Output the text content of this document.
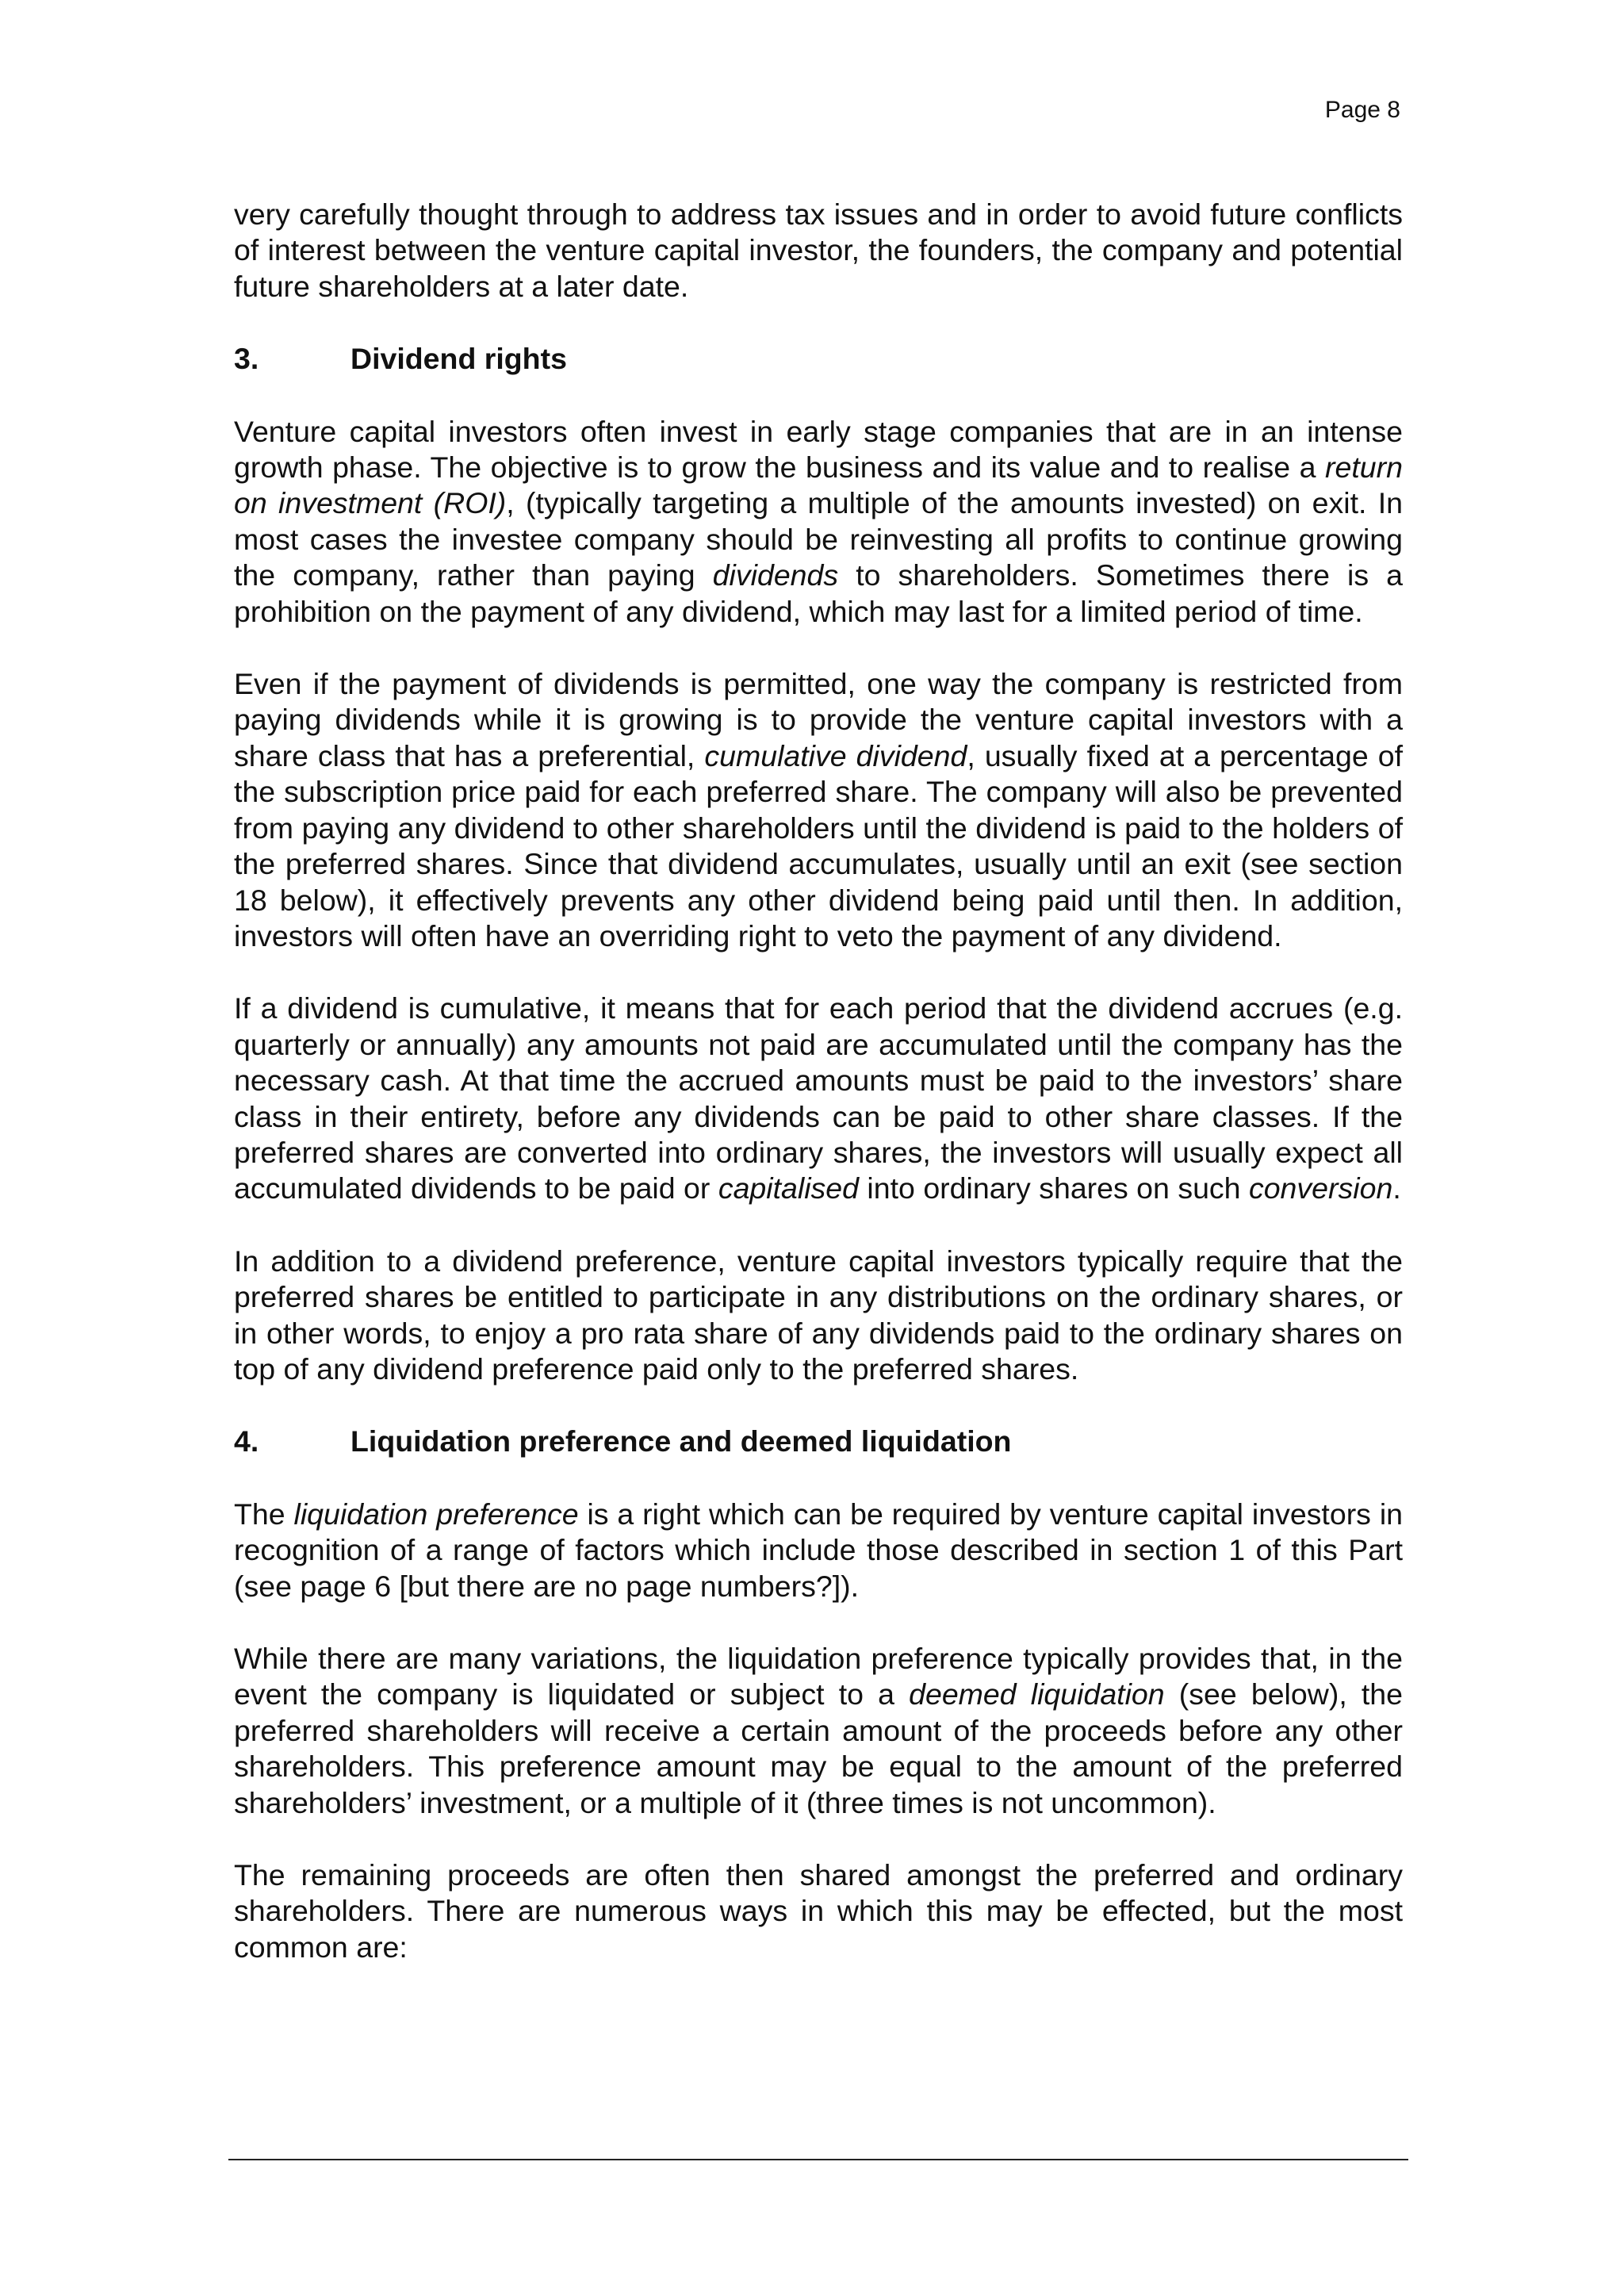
Page 8

very carefully thought through to address tax issues and in order to avoid future conflicts of interest between the venture capital investor, the founders, the company and potential future shareholders at a later date.

3.	Dividend rights

Venture capital investors often invest in early stage companies that are in an intense growth phase. The objective is to grow the business and its value and to realise a return on investment (ROI), (typically targeting a multiple of the amounts invested) on exit. In most cases the investee company should be reinvesting all profits to continue growing the company, rather than paying dividends to shareholders. Sometimes there is a prohibition on the payment of any dividend, which may last for a limited period of time.

Even if the payment of dividends is permitted, one way the company is restricted from paying dividends while it is growing is to provide the venture capital investors with a share class that has a preferential, cumulative dividend, usually fixed at a percentage of the subscription price paid for each preferred share. The company will also be prevented from paying any dividend to other shareholders until the dividend is paid to the holders of the preferred shares. Since that dividend accumulates, usually until an exit (see section 18 below), it effectively prevents any other dividend being paid until then. In addition, investors will often have an overriding right to veto the payment of any dividend.

If a dividend is cumulative, it means that for each period that the dividend accrues (e.g. quarterly or annually) any amounts not paid are accumulated until the company has the necessary cash. At that time the accrued amounts must be paid to the investors’ share class in their entirety, before any dividends can be paid to other share classes. If the preferred shares are converted into ordinary shares, the investors will usually expect all accumulated dividends to be paid or capitalised into ordinary shares on such conversion.

In addition to a dividend preference, venture capital investors typically require that the preferred shares be entitled to participate in any distributions on the ordinary shares, or in other words, to enjoy a pro rata share of any dividends paid to the ordinary shares on top of any dividend preference paid only to the preferred shares.

4.	Liquidation preference and deemed liquidation

The liquidation preference is a right which can be required by venture capital investors in recognition of a range of factors which include those described in section 1 of this Part (see page 6 [but there are no page numbers?]).

While there are many variations, the liquidation preference typically provides that, in the event the company is liquidated or subject to a deemed liquidation (see below), the preferred shareholders will receive a certain amount of the proceeds before any other shareholders. This preference amount may be equal to the amount of the preferred shareholders’ investment, or a multiple of it (three times is not uncommon).

The remaining proceeds are often then shared amongst the preferred and ordinary shareholders. There are numerous ways in which this may be effected, but the most common are:
